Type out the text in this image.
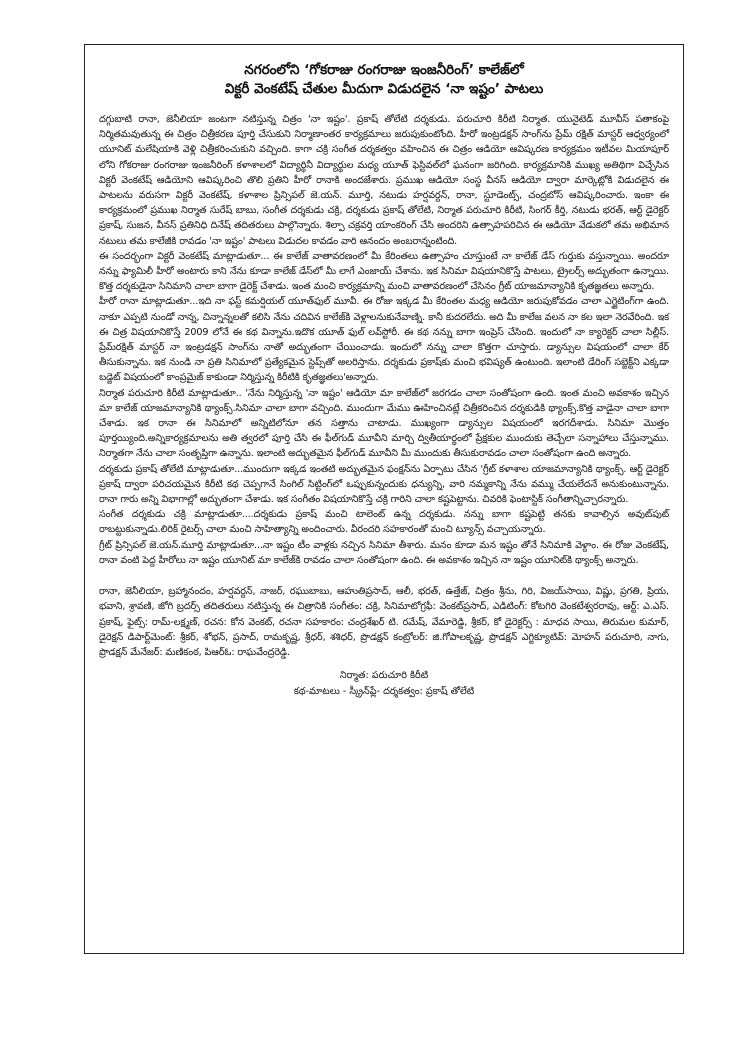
నగరంలోని ‘గోకరాజు రంగరాజు ఇంజనీరింగ్’ కాలేజ్‌లో

విక్టరీ వెంకటేష్ చేతుల మీదుగా విడుదలైన ‘నా ఇష్టం’ పాటలు

దగ్గుబాటి రానా, జెనీలియా జంటగా నటిస్తున్న చిత్రం 'నా ఇష్టం'. ప్రకాష్ తోలేటి దర్శకుడు. పరుచూరి కిరీటి నిర్మాత. యునైటెడ్ మూవీస్ పతాకంపై నిర్మితమవుతున్న ఈ చిత్రం చిత్రీకరణ పూర్తి చేసుకుని నిర్మాణాంతర కార్యక్రమాలు జరుపుకుంటోంది. హీరో ఇంట్రడక్షన్ సాంగ్‌ను ప్రేమ్ రక్షిత్ మాస్టర్ ఆధ్వర్యంలో యూనిట్ మలేషియాకి వెళ్లి చిత్రీకరించుకుని వచ్చింది. కాగా చక్రి సంగీత దర్శకత్వం వహించిన ఈ చిత్రం ఆడియో ఆవిష్కరణ కార్యక్రమం ఇటీవల మియాపూర్ లోని గోకరాజు రంగరాజు ఇంజనీరింగ్ కళాశాలలో విద్యార్థినీ విద్యార్థుల మధ్య యూత్ ఫెస్టివల్‌లో ఘనంగా జరిగింది. కార్యక్రమానికి ముఖ్య అతిథిగా విచ్చేసిన విక్టరీ వెంకటేష్ ఆడియోని ఆవిష్కరించి తొలి ప్రతిని హీరో రానాకి అందజేశారు. ప్రముఖ ఆడియో సంస్థ వీనస్ ఆడియో ద్వారా మార్కెట్లోకి విడుదలైన ఈ పాటలను వరుసగా విక్టరీ వెంకటేష్, కళాశాల ప్రిన్సిపల్ జె.యన్. మూర్తి, నటుడు హర్షవర్దన్, రానా, స్టూడెంట్స్, చంద్రబోస్ ఆవిష్కరించారు. ఇంకా ఈ కార్యక్రమంలో ప్రముఖ నిర్మాత సురేష్ బాబు, సంగీత దర్శకుడు చక్రి, దర్శకుడు ప్రకాష్ తోలేటి, నిర్మాత పరుచూరి కిరీటి, సింగర్ కీర్తి, నటుడు భరత్, ఆర్ట్ డైరెక్టర్ ప్రకాష్, సుజన, వీనస్ ప్రతినిధి దినేష్ తదితరులు పాల్గొన్నారు. శిల్పా చక్రవర్తి యాంకరింగ్ చేసి అందరిని ఉత్సాహపరిచిన ఈ ఆడియో వేడుకలో తమ అభిమాన నటులు తమ కాలేజీకి రావడం 'నా ఇష్టం' పాటలు విడుదల కావడం వారి ఆనందం అంబరాన్నంటింది.

ఈ సందర్భంగా విక్టరీ వెంకటేష్ మాట్లాడుతూ... ఈ కాలేజ్ వాతావరణంలో మీ కేరింతలు ఉత్సాహం చూస్తుంటే నా కాలేజ్ డేస్ గుర్తుకు వస్తున్నాయి. అందరూ నన్ను ఫ్యామిలీ హీరో అంటారు కాని నేను కూడా కాలేజ్ డేస్‌లో మీ లాగే ఎంజాయ్ చేశాను. ఇక సినిమా విషయానికొస్తే పాటలు, ట్రైలర్స్ అద్భుతంగా ఉన్నాయి. కొత్త దర్శకుడైనా సినిమాని చాలా బాగా డైరెక్ట్ చేశాడు. ఇంత మంచి కార్యక్రమాన్ని మంచి వాతావరణంలో చేసినం గ్రీట్ యాజమాన్యానికి కృతజ్ఞతలు అన్నారు.

హీరో రానా మాట్లాడుతూ...ఇది నా ఫస్ట్ కమర్షియల్ యూత్‌ఫుల్ మూవీ. ఈ రోజు ఇక్కడ మీ కేరింతల మధ్య ఆడియో జరుపుకోవడం చాలా ఎగ్జైటింగ్‌గా ఉంది. నాకూ ఎప్పటి నుండో నాన్న, చిన్నాన్నలతో కలిసి నేను చదివిన కాలేజ్‌కి వెళ్లాలనుకునేవాణ్ని. కానీ కుదరలేదు. అది మీ కాలేజ వలన నా కల ఇలా నెరవేరింది. ఇక ఈ చిత్ర విషయానికొస్తే 2009 లోనే ఈ కథ విన్నాను.ఇదొక యూత్ ఫుల్ లవ్‌స్టోరీ. ఈ కథ నన్ను బాగా ఇంప్రెస్ చేసింది. ఇందులో నా క్యారెక్టర్ చాలా సిల్లీస్. ప్రేమ్‌రక్షిత్ మాస్టర్ నా ఇంట్రడక్షన్ సాంగ్‌ను నాతో అద్భుతంగా చేయించాడు. ఇందులో నన్ను చాలా కొత్తగా చూస్తారు. డ్యాన్సుల విషయంలో చాలా కేర్ తీసుకున్నాను. ఇక నుండి నా ప్రతి సినిమాలో ప్రత్యేకమైన స్టెప్స్‌తో అలరిస్తాను. దర్శకుడు ప్రకాష్‌కు మంచి భవిష్యత్ ఉంటుంది. ఇలాంటి డేరింగ్ సబ్జెక్ట్‌ని ఎక్కడా బడ్జెట్ విషయంలో కాంప్రమైజ్ కాకుండా నిర్మిస్తున్న కిరీటికి కృతజ్ఞతలు'అన్నారు.

నిర్మాత పరుచూరి కిరీటి మాట్లాడుతూ.. 'నేను నిర్మిస్తున్న 'నా ఇష్టం' ఆడియో మా కాలేజ్‌లో జరగడం చాలా సంతోషంగా ఉంది. ఇంత మంచి అవకాశం ఇచ్చిన మా కాలేజ్ యాజమాన్యానికి థ్యాంక్స్.సినిమా చాలా బాగా వచ్చింది. ముందుగా మేము ఊహించినట్లే చిత్రీకరించిన దర్శకుడికి థ్యాంక్స్.కొత్త వాడైనా చాలా బాగా చేశాడు. ఇక రానా ఈ సినిమాలో అన్నిటిలోనూ తన సత్తాను చాటాడు. ముఖ్యంగా డ్యాన్సుల విషయంలో ఇరగదీశాడు. సినిమా మొత్తం పూర్తయ్యింది.అన్నికార్యక్రమాలను అతి త్వరలో పూర్తి చేసి ఈ ఫీల్‌గుడ్ మూవీని మార్చి ద్వితీయార్థంలో ప్రేక్షకుల ముందుకు తెచ్చేలా సన్నాహాలు చేస్తున్నాము. నిర్మాతగా నేను చాలా సంతృప్తిగా ఉన్నాను. ఇలాంటి అద్భుతమైన ఫీల్‌గుడ్ మూవీని మీ ముందుకు తీసుకురావడం చాలా సంతోషంగా ఉంది అన్నారు.

దర్శకుడు ప్రకాష్ తోలేటి మాట్లాడుతూ...ముందుగా ఇక్కడ ఇంతటి అద్భుతమైన ఫంక్షన్‌ను ఏర్పాటు చేసిన 'గ్రీట్ కళాశాల యాజమాన్యానికి థ్యాంక్స్. ఆర్ట్ డైరెక్టర్ ప్రకాష్ ద్వారా పరిచయమైన కిరీటి కథ చెప్పగానే సింగిల్ సిట్టింగ్‌లో ఒప్పుకున్నందుకు ధన్యున్ని, వారి నమ్మకాన్ని నేను వమ్ము చేయలేదనే అనుకుంటున్నాను. రానా గారు అన్ని విభాగాల్లో అద్భుతంగా చేశాడు. ఇక సంగీతం విషయానికొస్తే చక్రి గారిని చాలా కష్టపెట్టాను. చివరికి ఫెంటాస్టిక్ సంగీతాన్నిచ్చారన్నారు.

సంగీత దర్శకుడు చక్రి మాట్లాడుతూ....దర్శకుడు ప్రకాష్ మంచి టాలెంట్ ఉన్న దర్శకుడు. నన్ను బాగా కష్టపెట్టి తనకు కావాల్సిన అవుట్‌పుట్ రాబట్టుకున్నాడు.లిరిక్ రైటర్స్ చాలా మంచి సాహిత్యాన్ని అందించారు. వీరందరి సహకారంతో మంచి ట్యూన్స్ వచ్చాయన్నారు.

గ్రీట్ ప్రిన్సిపల్ జె.యన్.మూర్తి మాట్లాడుతూ...నా ఇష్టం టీం వాళ్లకు నచ్చిన సినిమా తీశారు. మనం కూడా మన ఇష్టం తోనే సినిమాకి వెళ్దాం. ఈ రోజు వెంకటేష్, రానా వంటి పెద్ద హీరోలు నా ఇష్టం యూనిట్ మా కాలేజ్‌కి రావడం చాలా సంతోషంగా ఉంది. ఈ అవకాశం ఇచ్చిన నా ఇష్టం యూనిట్‌కి థ్యాంక్స్ అన్నారు.

రానా, జెనీలియా, బ్రహ్మానందం, హర్షవర్దన్, నాజర్, రఘుబాబు, ఆహుతిప్రసాద్, ఆలీ, భరత్, ఉత్తేజ్, చిత్రం శ్రీను, గిరి, విజయ్‌సాయి, విష్ణు, ప్రగతి, ప్రియ, భవాని, శ్రావణి, జోగి బ్రదర్స్ తదితరులు నటిస్తున్న ఈ చిత్రానికి సంగీతం: చక్రి, సినిమాటోగ్రఫీ: వెంకట్‌ప్రసాద్, ఎడిటింగ్: కోటగిరి వెంకటేశ్వరరావు, ఆర్ట్: ఎ.ఎస్. ప్రకాష్, ఫైట్స్: రామ్-లక్ష్మణ్, రచన: కోన వెంకట్, రచనా సహకారం: చంద్రశేఖర్ టి. రమేష్, వేమారెడ్డి, శ్రీకర్, కో డైరెక్టర్స్ : మాధవ సాయి, తిరుమల కుమార్, డైరెక్షన్ డిపార్ట్‌మెంట్: శ్రీకర్, శోభన్, ప్రసాద్, రామకృష్ణ, శ్రీధర్, శశిధర్, ప్రొడక్షన్ కంట్రోలర్: జి.గోపాలకృష్ణ, ప్రొడక్షన్ ఎగ్జిక్యూటివ్: మోహన్ పరుచూరి, నాగు, ప్రొడక్షన్ మేనేజర్: మణికంఠ, పిఆర్ఓ: రాఘవేంద్రరెడ్డి.

నిర్మాత: పరుచూరి కిరీటి

కథ-మాటలు - స్క్రీన్‌ప్లే- దర్శకత్వం: ప్రకాష్ తోలేటి
